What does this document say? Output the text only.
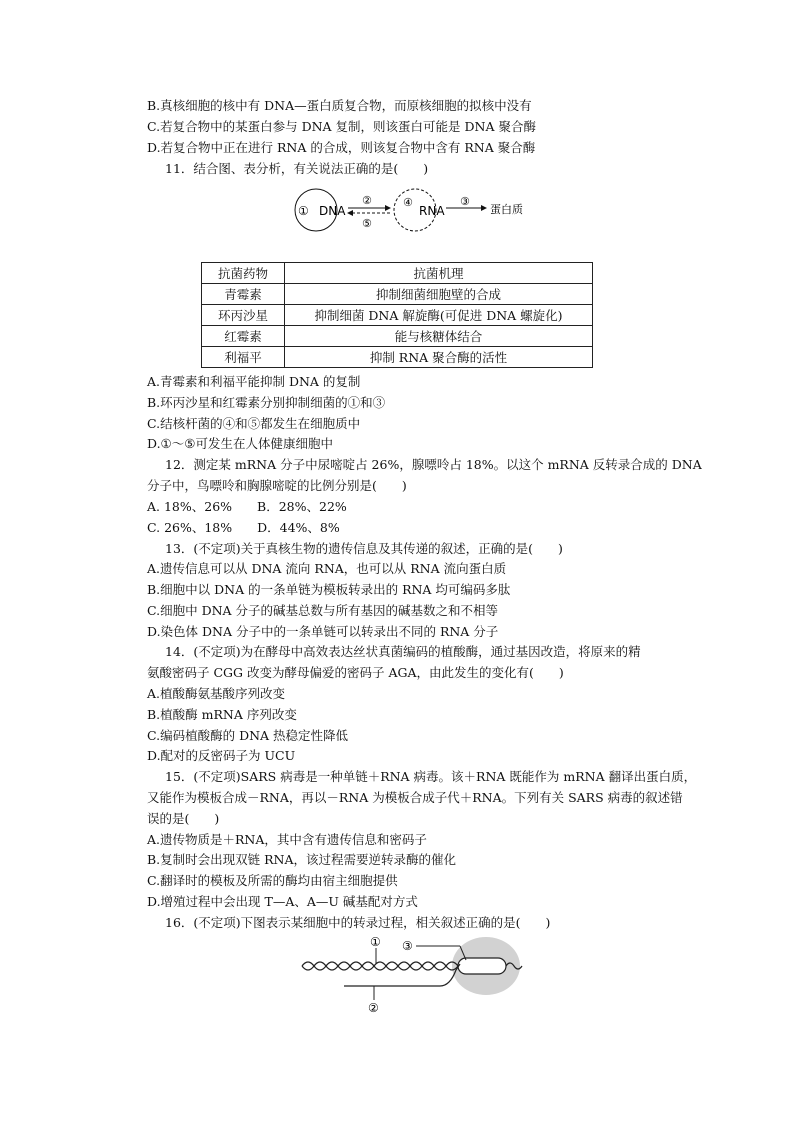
B.真核细胞的核中有 DNA—蛋白质复合物，而原核细胞的拟核中没有
C.若复合物中的某蛋白参与 DNA 复制，则该蛋白可能是 DNA 聚合酶
D.若复合物中正在进行 RNA 的合成，则该复合物中含有 RNA 聚合酶
11．结合图、表分析，有关说法正确的是(　　)
① DNA
②
⑤
④
RNA
③
蛋白质
抗菌药物	抗菌机理
青霉素	抑制细菌细胞壁的合成
环丙沙星	抑制细菌 DNA 解旋酶(可促进 DNA 螺旋化)
红霉素	能与核糖体结合
利福平	抑制 RNA 聚合酶的活性
A.青霉素和利福平能抑制 DNA 的复制
B.环丙沙星和红霉素分别抑制细菌的①和③
C.结核杆菌的④和⑤都发生在细胞质中
D.①～⑤可发生在人体健康细胞中
12．测定某 mRNA 分子中尿嘧啶占 26%，腺嘌呤占 18%。以这个 mRNA 反转录合成的 DNA
分子中，鸟嘌呤和胸腺嘧啶的比例分别是(　　)
A. 18%、26%　　B．28%、22%
C. 26%、18%　　D．44%、8%
13．(不定项)关于真核生物的遗传信息及其传递的叙述，正确的是(　　)
A.遗传信息可以从 DNA 流向 RNA，也可以从 RNA 流向蛋白质
B.细胞中以 DNA 的一条单链为模板转录出的 RNA 均可编码多肽
C.细胞中 DNA 分子的碱基总数与所有基因的碱基数之和不相等
D.染色体 DNA 分子中的一条单链可以转录出不同的 RNA 分子
14．(不定项)为在酵母中高效表达丝状真菌编码的植酸酶，通过基因改造，将原来的精
氨酸密码子 CGG 改变为酵母偏爱的密码子 AGA，由此发生的变化有(　　)
A.植酸酶氨基酸序列改变
B.植酸酶 mRNA 序列改变
C.编码植酸酶的 DNA 热稳定性降低
D.配对的反密码子为 UCU
15．(不定项)SARS 病毒是一种单链＋RNA 病毒。该＋RNA 既能作为 mRNA 翻译出蛋白质，
又能作为模板合成－RNA，再以－RNA 为模板合成子代＋RNA。下列有关 SARS 病毒的叙述错
误的是(　　)
A.遗传物质是＋RNA，其中含有遗传信息和密码子
B.复制时会出现双链 RNA，该过程需要逆转录酶的催化
C.翻译时的模板及所需的酶均由宿主细胞提供
D.增殖过程中会出现 T—A、A—U 碱基配对方式
16．(不定项)下图表示某细胞中的转录过程，相关叙述正确的是(　　)
①
②
③
